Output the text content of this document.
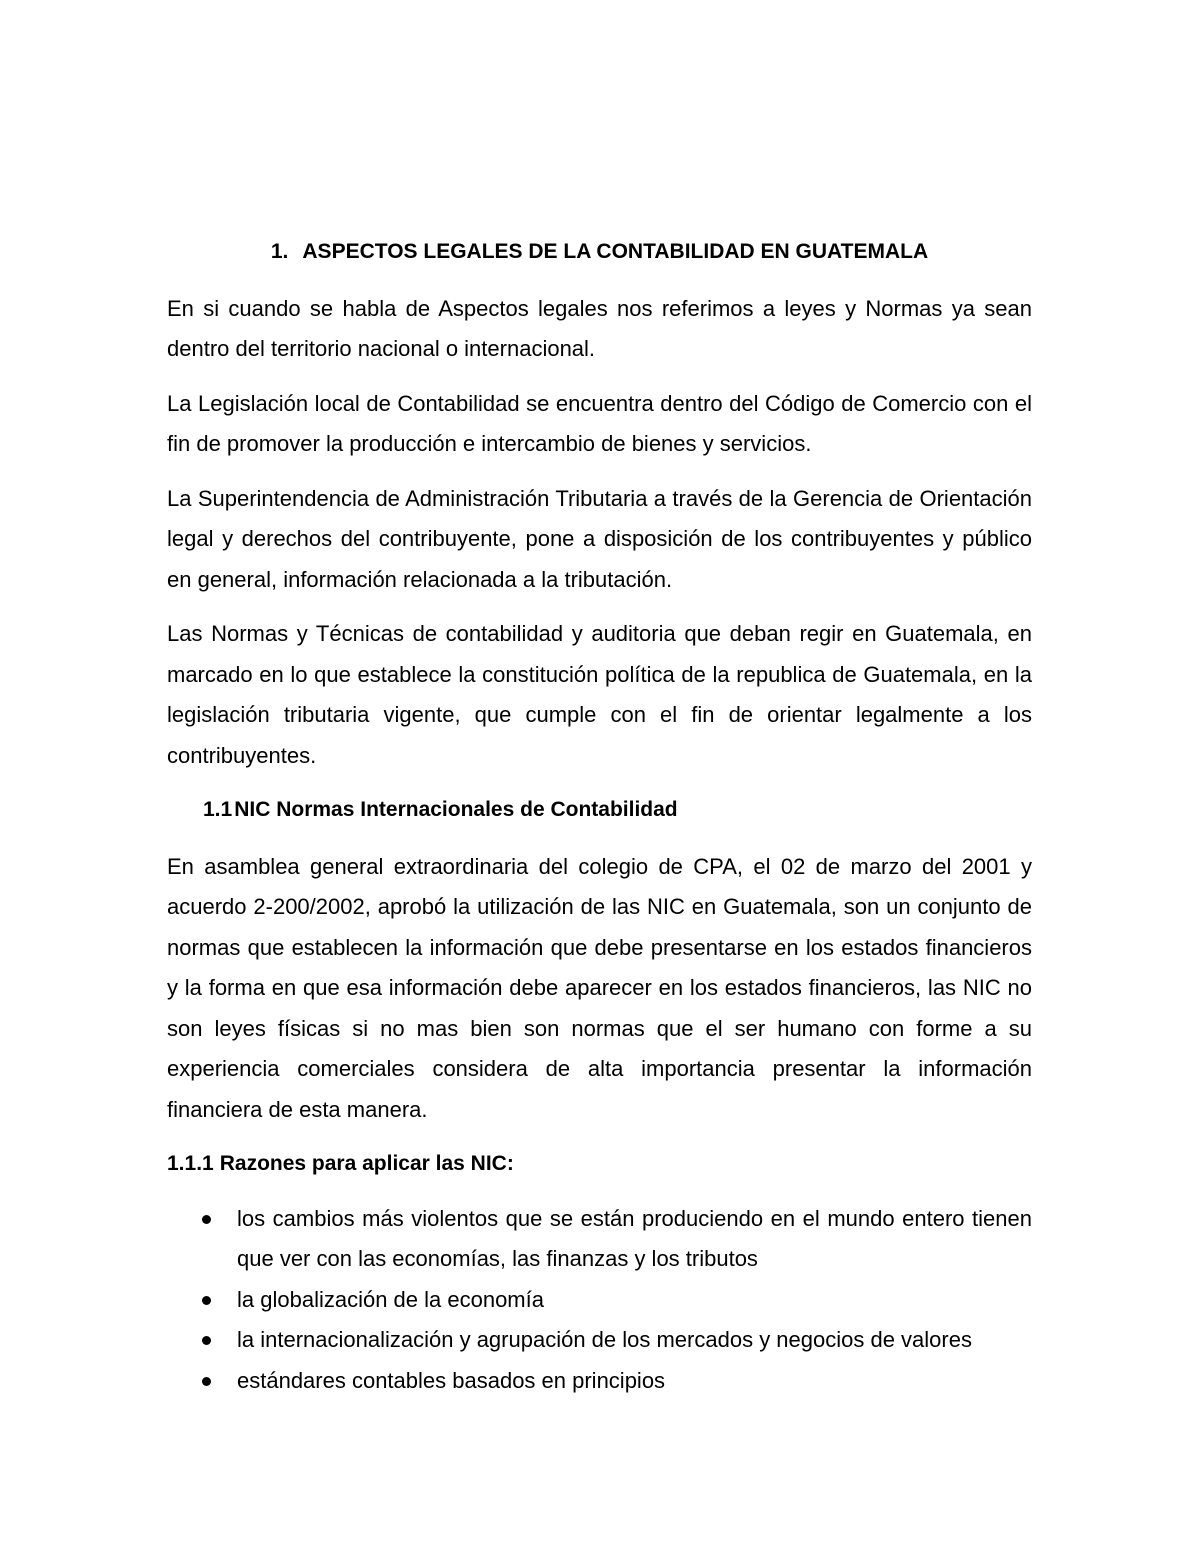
1. ASPECTOS LEGALES DE LA CONTABILIDAD EN GUATEMALA

En si cuando se habla de Aspectos legales nos referimos a leyes y Normas ya sean dentro del territorio nacional o internacional.

La Legislación local de Contabilidad se encuentra dentro del Código de Comercio con el fin de promover la producción e intercambio de bienes y servicios.

La Superintendencia de Administración Tributaria a través de la Gerencia de Orientación legal y derechos del contribuyente, pone a disposición de los contribuyentes y público en general, información relacionada a la tributación.

Las Normas y Técnicas de contabilidad y auditoria que deban regir en Guatemala, en marcado en lo que establece la constitución política de la republica de Guatemala, en la legislación tributaria vigente, que cumple con el fin de orientar legalmente a los contribuyentes.

1.1NIC Normas Internacionales de Contabilidad

En asamblea general extraordinaria del colegio de CPA, el 02 de marzo del 2001 y acuerdo 2-200/2002, aprobó la utilización de las NIC en Guatemala, son un conjunto de normas que establecen la información que debe presentarse en los estados financieros y la forma en que esa información debe aparecer en los estados financieros, las NIC no son leyes físicas si no mas bien son normas que el ser humano con forme a su experiencia comerciales considera de alta importancia presentar la información financiera de esta manera.

1.1.1 Razones para aplicar las NIC:
los cambios más violentos que se están produciendo en el mundo entero tienen que ver con las economías, las finanzas y los tributos
la globalización de la economía
la internacionalización y agrupación de los mercados y negocios de valores
estándares contables basados en principios
